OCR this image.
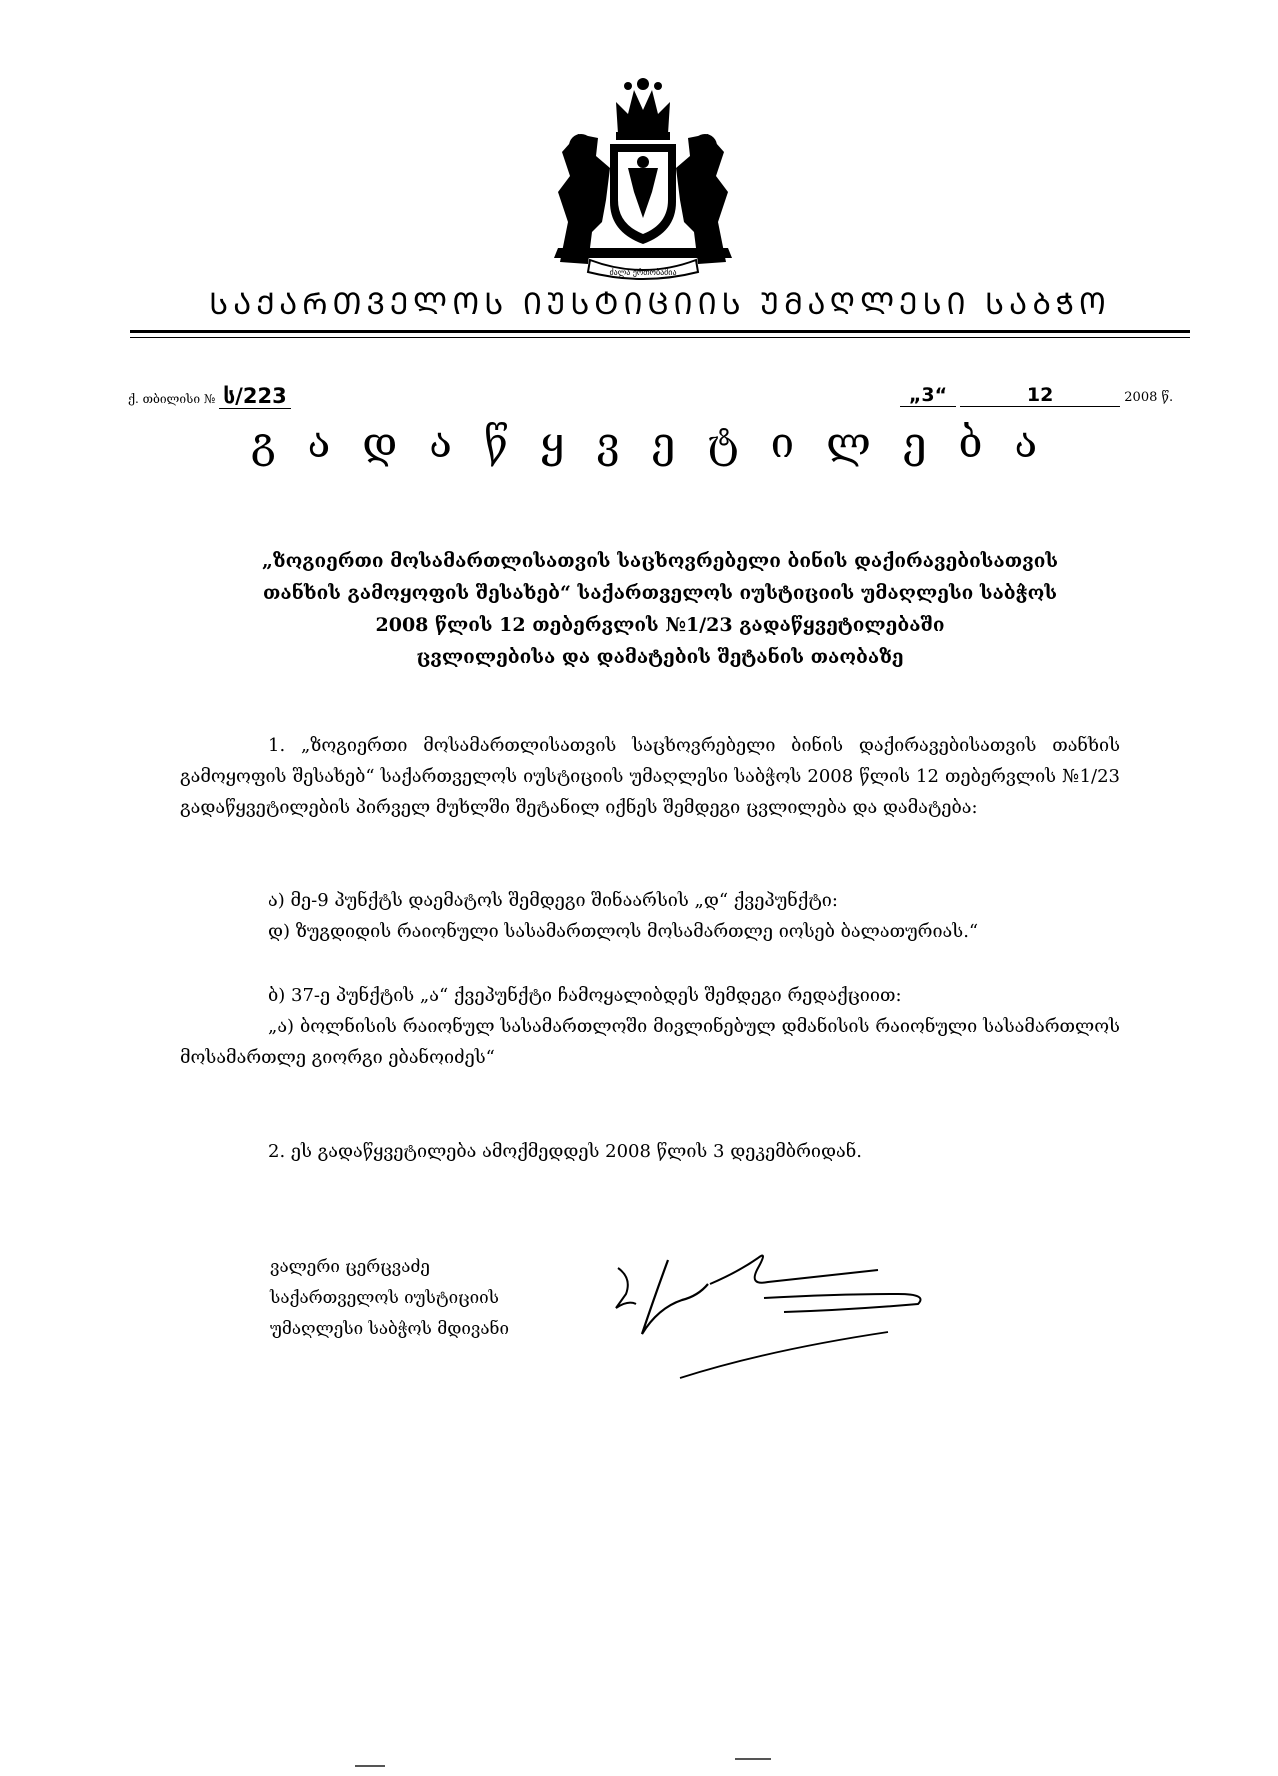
ძალა ერთობაშია
ᲡᲐᲥᲐᲠᲗᲕᲔᲚᲝᲡ ᲘᲣᲡᲢᲘᲪᲘᲘᲡ ᲣᲛᲐᲦᲚᲔᲡᲘ ᲡᲐᲑᲭᲝ
ქ. თბილისი № ს/223	„3“	12	2008 წ.
გადაწყვეტილება
„ზოგიერთი მოსამართლისათვის საცხოვრებელი ბინის დაქირავებისათვის
თანხის გამოყოფის შესახებ“ საქართველოს იუსტიციის უმაღლესი საბჭოს
2008 წლის 12 თებერვლის №1/23 გადაწყვეტილებაში
ცვლილებისა და დამატების შეტანის თაობაზე
1. „ზოგიერთი მოსამართლისათვის საცხოვრებელი ბინის დაქირავებისათვის თანხის გამოყოფის შესახებ“ საქართველოს იუსტიციის უმაღლესი საბჭოს 2008 წლის 12 თებერვლის №1/23 გადაწყვეტილების პირველ მუხლში შეტანილ იქნეს შემდეგი ცვლილება და დამატება:
ა) მე-9 პუნქტს დაემატოს შემდეგი შინაარსის „დ“ ქვეპუნქტი:
დ) ზუგდიდის რაიონული სასამართლოს მოსამართლე იოსებ ბალათურიას.“
ბ) 37-ე პუნქტის „ა“ ქვეპუნქტი ჩამოყალიბდეს შემდეგი რედაქციით:
„ა) ბოლნისის რაიონულ სასამართლოში მივლინებულ დმანისის რაიონული სასამართლოს მოსამართლე გიორგი ებანოიძეს“
2. ეს გადაწყვეტილება ამოქმედდეს 2008 წლის 3 დეკემბრიდან.
ვალერი ცერცვაძე
საქართველოს იუსტიციის
უმაღლესი საბჭოს მდივანი
